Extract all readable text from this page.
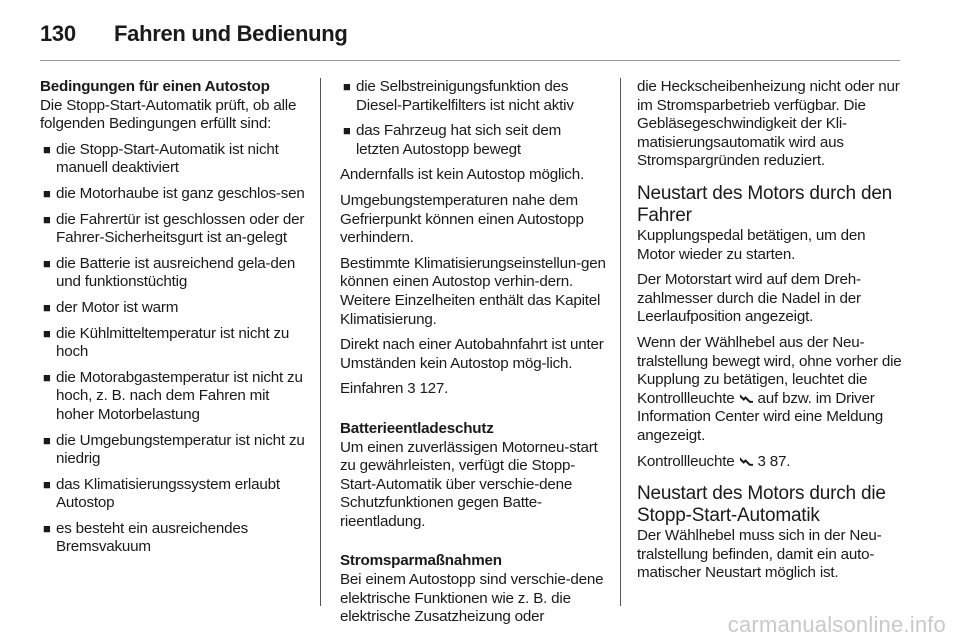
130	Fahren und Bedienung

Bedingungen für einen Autostop

Die Stopp-Start-Automatik prüft, ob alle folgenden Bedingungen erfüllt sind:

■ die Stopp-Start-Automatik ist nicht manuell deaktiviert
■ die Motorhaube ist ganz geschlos-sen
■ die Fahrertür ist geschlossen oder der Fahrer-Sicherheitsgurt ist an-gelegt
■ die Batterie ist ausreichend gela-den und funktionstüchtig
■ der Motor ist warm
■ die Kühlmitteltemperatur ist nicht zu hoch
■ die Motorabgastemperatur ist nicht zu hoch, z. B. nach dem Fahren mit hoher Motorbelastung
■ die Umgebungstemperatur ist nicht zu niedrig
■ das Klimatisierungssystem erlaubt Autostop
■ es besteht ein ausreichendes Bremsvakuum
■ die Selbstreinigungsfunktion des Diesel-Partikelfilters ist nicht aktiv
■ das Fahrzeug hat sich seit dem letzten Autostopp bewegt

Andernfalls ist kein Autostop möglich.

Umgebungstemperaturen nahe dem Gefrierpunkt können einen Autostopp verhindern.

Bestimmte Klimatisierungseinstellun-gen können einen Autostop verhin-dern. Weitere Einzelheiten enthält das Kapitel Klimatisierung.

Direkt nach einer Autobahnfahrt ist unter Umständen kein Autostop mög-lich.

Einfahren 3 127.

Batterieentladeschutz

Um einen zuverlässigen Motorneu-start zu gewährleisten, verfügt die Stopp-Start-Automatik über verschie-dene Schutzfunktionen gegen Batte-rieentladung.

Stromsparmaßnahmen

Bei einem Autostopp sind verschie-dene elektrische Funktionen wie z. B. die elektrische Zusatzheizung oder

die Heckscheibenheizung nicht oder nur im Stromsparbetrieb verfügbar. Die Gebläsegeschwindigkeit der Kli-matisierungsautomatik wird aus Stromspargründen reduziert.

Neustart des Motors durch den Fahrer

Kupplungspedal betätigen, um den Motor wieder zu starten.

Der Motorstart wird auf dem Dreh-zahlmesser durch die Nadel in der Leerlaufposition angezeigt.

Wenn der Wählhebel aus der Neu-tralstellung bewegt wird, ohne vorher die Kupplung zu betätigen, leuchtet die Kontrollleuchte auf bzw. im Driver Information Center wird eine Meldung angezeigt.

Kontrollleuchte 3 87.

Neustart des Motors durch die Stopp-Start-Automatik

Der Wählhebel muss sich in der Neu-tralstellung befinden, damit ein auto-matischer Neustart möglich ist.

carmanualsonline.info
